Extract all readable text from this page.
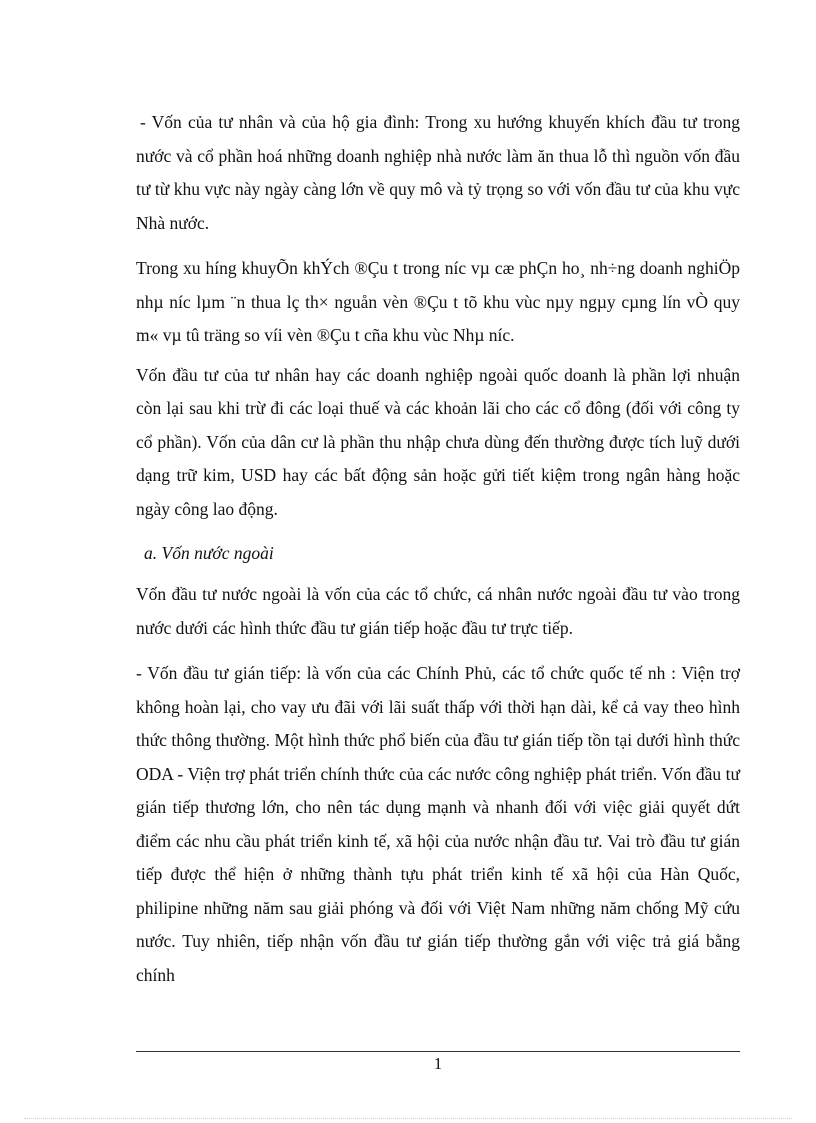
- Vốn của tư nhân và của hộ gia đình: Trong xu hướng khuyến khích đầu tư trong nước và cổ phần hoá những doanh nghiệp nhà nước làm ăn thua lỗ thì nguồn vốn đầu tư từ khu vực này ngày càng lớn về quy mô và tỷ trọng so với vốn đầu tư của khu vực Nhà nước.

Trong xu híng khuyÕn khÝch ®Çu t trong níc vµ cæ phÇn ho¸ nh÷ng doanh nghiÖp nhµ níc lµm ¨n thua lç th× nguån vèn ®Çu t tõ khu vùc nµy ngµy cµng lín vÒ quy m« vµ tû träng so víi vèn ®Çu t cña khu vùc Nhµ níc.

Vốn đầu tư của tư nhân hay các doanh nghiệp ngoài quốc doanh là phần lợi nhuận còn lại sau khi trừ đi các loại thuế và các khoản lãi cho các cổ đông (đối với công ty cổ phần). Vốn của dân cư là phần thu nhập chưa dùng đến thường được tích luỹ dưới dạng trữ kim, USD hay các bất động sản hoặc gửi tiết kiệm trong ngân hàng hoặc ngày công lao động.

a. Vốn nước ngoài

Vốn đầu tư nước ngoài là vốn của các tổ chức, cá nhân nước ngoài đầu tư vào trong nước dưới các hình thức đầu tư gián tiếp hoặc đầu tư trực tiếp.

- Vốn đầu tư gián tiếp: là vốn của các Chính Phủ, các tổ chức quốc tế nh : Viện trợ không hoàn lại, cho vay ưu đãi với lãi suất thấp với thời hạn dài, kể cả vay theo hình thức thông thường. Một hình thức phổ biến của đầu tư gián tiếp tồn tại dưới hình thức ODA - Viện trợ phát triển chính thức của các nước công nghiệp phát triển. Vốn đầu tư gián tiếp thương lớn, cho nên tác dụng mạnh và nhanh đối với việc giải quyết dứt điểm các nhu cầu phát triển kinh tế, xã hội của nước nhận đầu tư. Vai trò đầu tư gián tiếp được thể hiện ở những thành tựu phát triển kinh tế xã hội của Hàn Quốc, philipine những năm sau giải phóng và đối với Việt Nam những năm chống Mỹ cứu nước. Tuy nhiên, tiếp nhận vốn đầu tư gián tiếp thường gắn với việc trả giá bằng chính

1
